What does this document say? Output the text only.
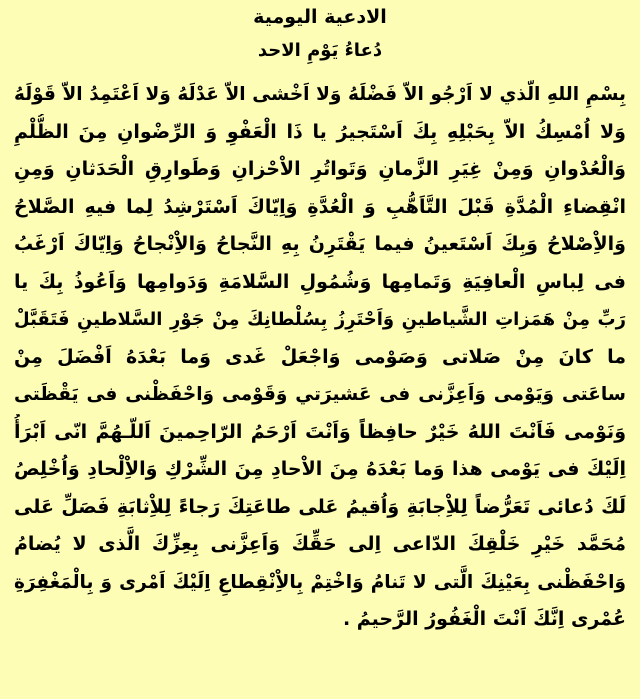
الادعية اليومية
دُعاءُ يَوْمِ الاحد
بِسْمِ اللهِ الّذي لا اَرْجُو الاّ فَضْلَهُ وَلا اَخْشى الاّ عَدْلَهُ وَلا اَعْتَمِدُ الاّ قَوْلَهُ
وَلا اُمْسِكُ الاّ بِحَبْلِهِ بِكَ اَسْتَجيرُ يا ذَا الْعَفْوِ وَ الرِّضْوانِ مِنَ الظُّلْمِ
وَالْعُدْوانِ وَمِنْ غِيَرِ الزَّمانِ وَتَواتُرِ الاْحْزانِ وَطَوارِقِ الْحَدَثانِ وَمِنِ
انْقِضاءِ الْمُدَّةِ قَبْلَ التَّاَهُّبِ وَ الْعُدَّةِ وَاِيّاكَ اَسْتَرْشِدُ لِما فيهِ الصَّلاحُ
وَالاِْصْلاحُ وَبِكَ اَسْتَعينُ فيما يَقْتَرِنُ بِهِ النَّجاحُ وَالاِْنْجاحُ وَاِيّاكَ اَرْغَبُ
فى لِباسِ الْعافِيَةِ وَتَمامِها وَشُمُولِ السَّلامَةِ وَدَوامِها وَاَعُوذُ بِكَ يا
رَبِّ مِنْ هَمَزاتِ الشَّياطينِ وَاَحْتَرِزُ بِسُلْطانِكَ مِنْ جَوْرِ السَّلاطينِ فَتَقَبَّلْ
ما كانَ مِنْ صَلاتى وَصَوْمى وَاجْعَلْ غَدى وَما بَعْدَهُ اَفْضَلَ مِنْ
ساعَتى وَيَوْمى وَاَعِزَّنى فى عَشيرَتي وَقَوْمى وَاحْفَظْنى فى يَقْظَتى
وَنَوْمى فَاَنْتَ اللهُ خَيْرٌ حافِظاً وَاَنْتَ اَرْحَمُ الرّاحِمينَ اَللّـهُمَّ انّى اَبْرَأُ
اِلَيْكَ فى يَوْمى هذا وَما بَعْدَهُ مِنَ الاْحادِ مِنَ الشِّرْكِ وَالاِْلْحادِ وَاُخْلِصُ
لَكَ دُعائى تَعَرُّضاً لِلاِْجابَةِ وَاُقيمُ عَلى طاعَتِكَ رَجاءً لِلاِْثابَةِ فَصَلِّ عَلى
مُحَمَّد خَيْرِ خَلْقِكَ الدّاعى اِلى حَقِّكَ وَاَعِزَّنى بِعِزِّكَ الَّذى لا يُضامُ
وَاحْفَظْنى بِعَيْنِكَ الَّتى لا تَنامُ وَاخْتِمْ بِالاِْنْقِطاعِ اِلَيْكَ اَمْرى وَ بِالْمَغْفِرَةِ
عُمْرى اِنَّكَ اَنْتَ الْغَفُورُ الرَّحيمُ .
